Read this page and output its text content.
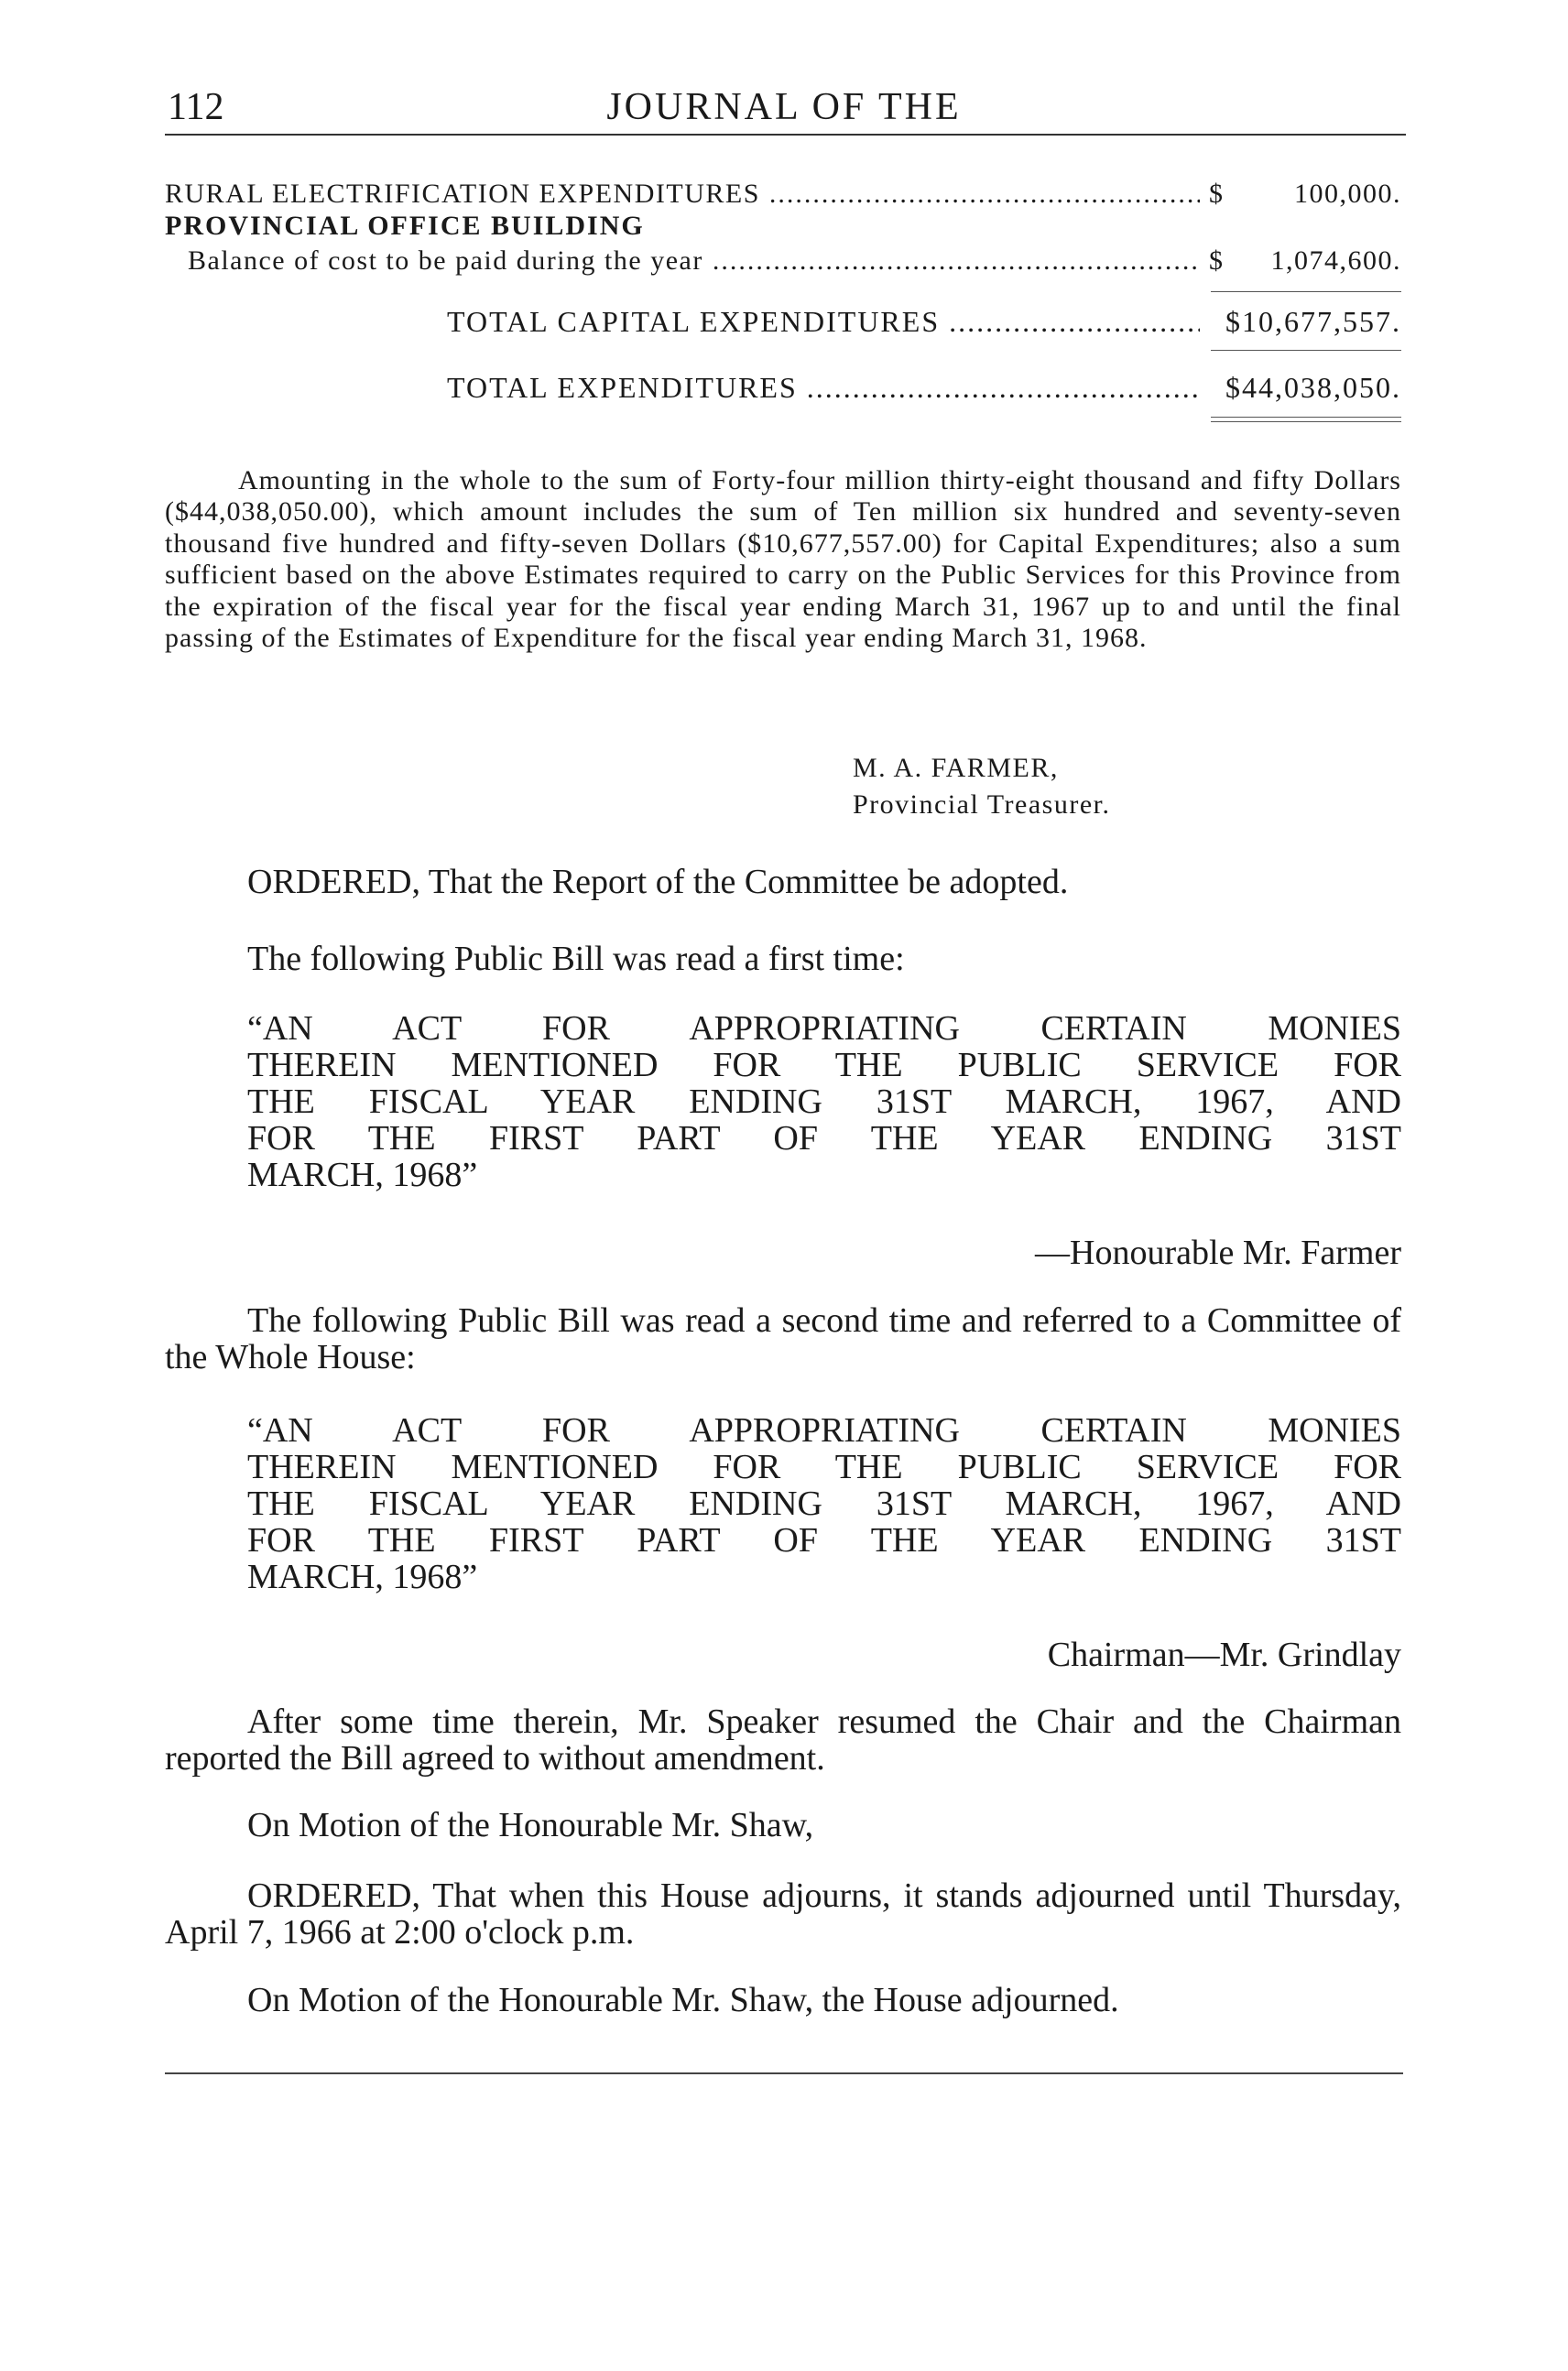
112	JOURNAL OF THE
RURAL ELECTRIFICATION EXPENDITURES .....	$	100,000.
PROVINCIAL OFFICE BUILDING
Balance of cost to be paid during the year .....	$ 1,074,600.
TOTAL CAPITAL EXPENDITURES .....	$ 10,677,557.
TOTAL EXPENDITURES .....	$ 44,038,050.
Amounting in the whole to the sum of Forty-four million thirty-eight thousand and fifty Dollars ($44,038,050.00), which amount includes the sum of Ten million six hundred and seventy-seven thousand five hundred and fifty-seven Dollars ($10,677,557.00) for Capital Expenditures; also a sum sufficient based on the above Estimates required to carry on the Public Services for this Province from the expiration of the fiscal year for the fiscal year ending March 31, 1967 up to and until the final passing of the Estimates of Expenditure for the fiscal year ending March 31, 1968.
M. A. FARMER,
Provincial Treasurer.
ORDERED, That the Report of the Committee be adopted.
The following Public Bill was read a first time:
“AN ACT FOR APPROPRIATING CERTAIN MONIES
THEREIN MENTIONED FOR THE PUBLIC SERVICE FOR
THE FISCAL YEAR ENDING 31ST MARCH, 1967, AND
FOR THE FIRST PART OF THE YEAR ENDING 31ST
MARCH, 1968”
—Honourable Mr. Farmer
The following Public Bill was read a second time and referred to a Committee of the Whole House:
“AN ACT FOR APPROPRIATING CERTAIN MONIES
THEREIN MENTIONED FOR THE PUBLIC SERVICE FOR
THE FISCAL YEAR ENDING 31ST MARCH, 1967, AND
FOR THE FIRST PART OF THE YEAR ENDING 31ST
MARCH, 1968”
Chairman—Mr. Grindlay
After some time therein, Mr. Speaker resumed the Chair and the Chairman reported the Bill agreed to without amendment.
On Motion of the Honourable Mr. Shaw,
ORDERED, That when this House adjourns, it stands adjourned until Thursday, April 7, 1966 at 2:00 o'clock p.m.
On Motion of the Honourable Mr. Shaw, the House adjourned.
